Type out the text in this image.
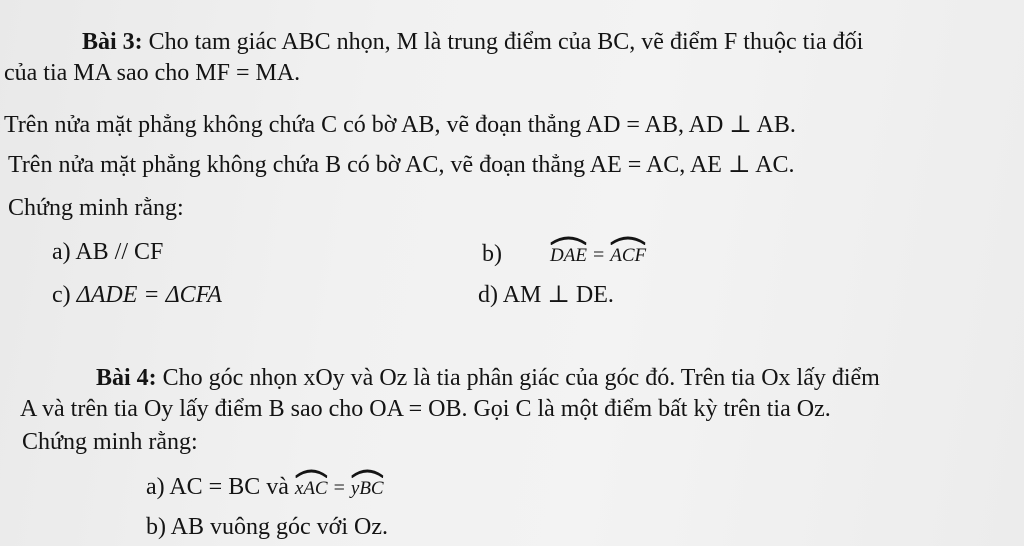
Bài 3: Cho tam giác ABC nhọn, M là trung điểm của BC, vẽ điểm F thuộc tia đối
của tia MA sao cho MF = MA.
Trên nửa mặt phẳng không chứa C có bờ AB, vẽ đoạn thẳng AD = AB, AD ⊥ AB.
Trên nửa mặt phẳng không chứa B có bờ AC, vẽ đoạn thẳng AE = AC, AE ⊥ AC.
Chứng minh rằng:
a) AB // CF	b)	DAE = ACF
c) ΔADE = ΔCFA	d) AM ⊥ DE.
Bài 4: Cho góc nhọn xOy và Oz là tia phân giác của góc đó. Trên tia Ox lấy điểm
A và trên tia Oy lấy điểm B sao cho OA = OB. Gọi C là một điểm bất kỳ trên tia Oz.
Chứng minh rằng:
a) AC = BC và xAC = yBC
b) AB vuông góc với Oz.
